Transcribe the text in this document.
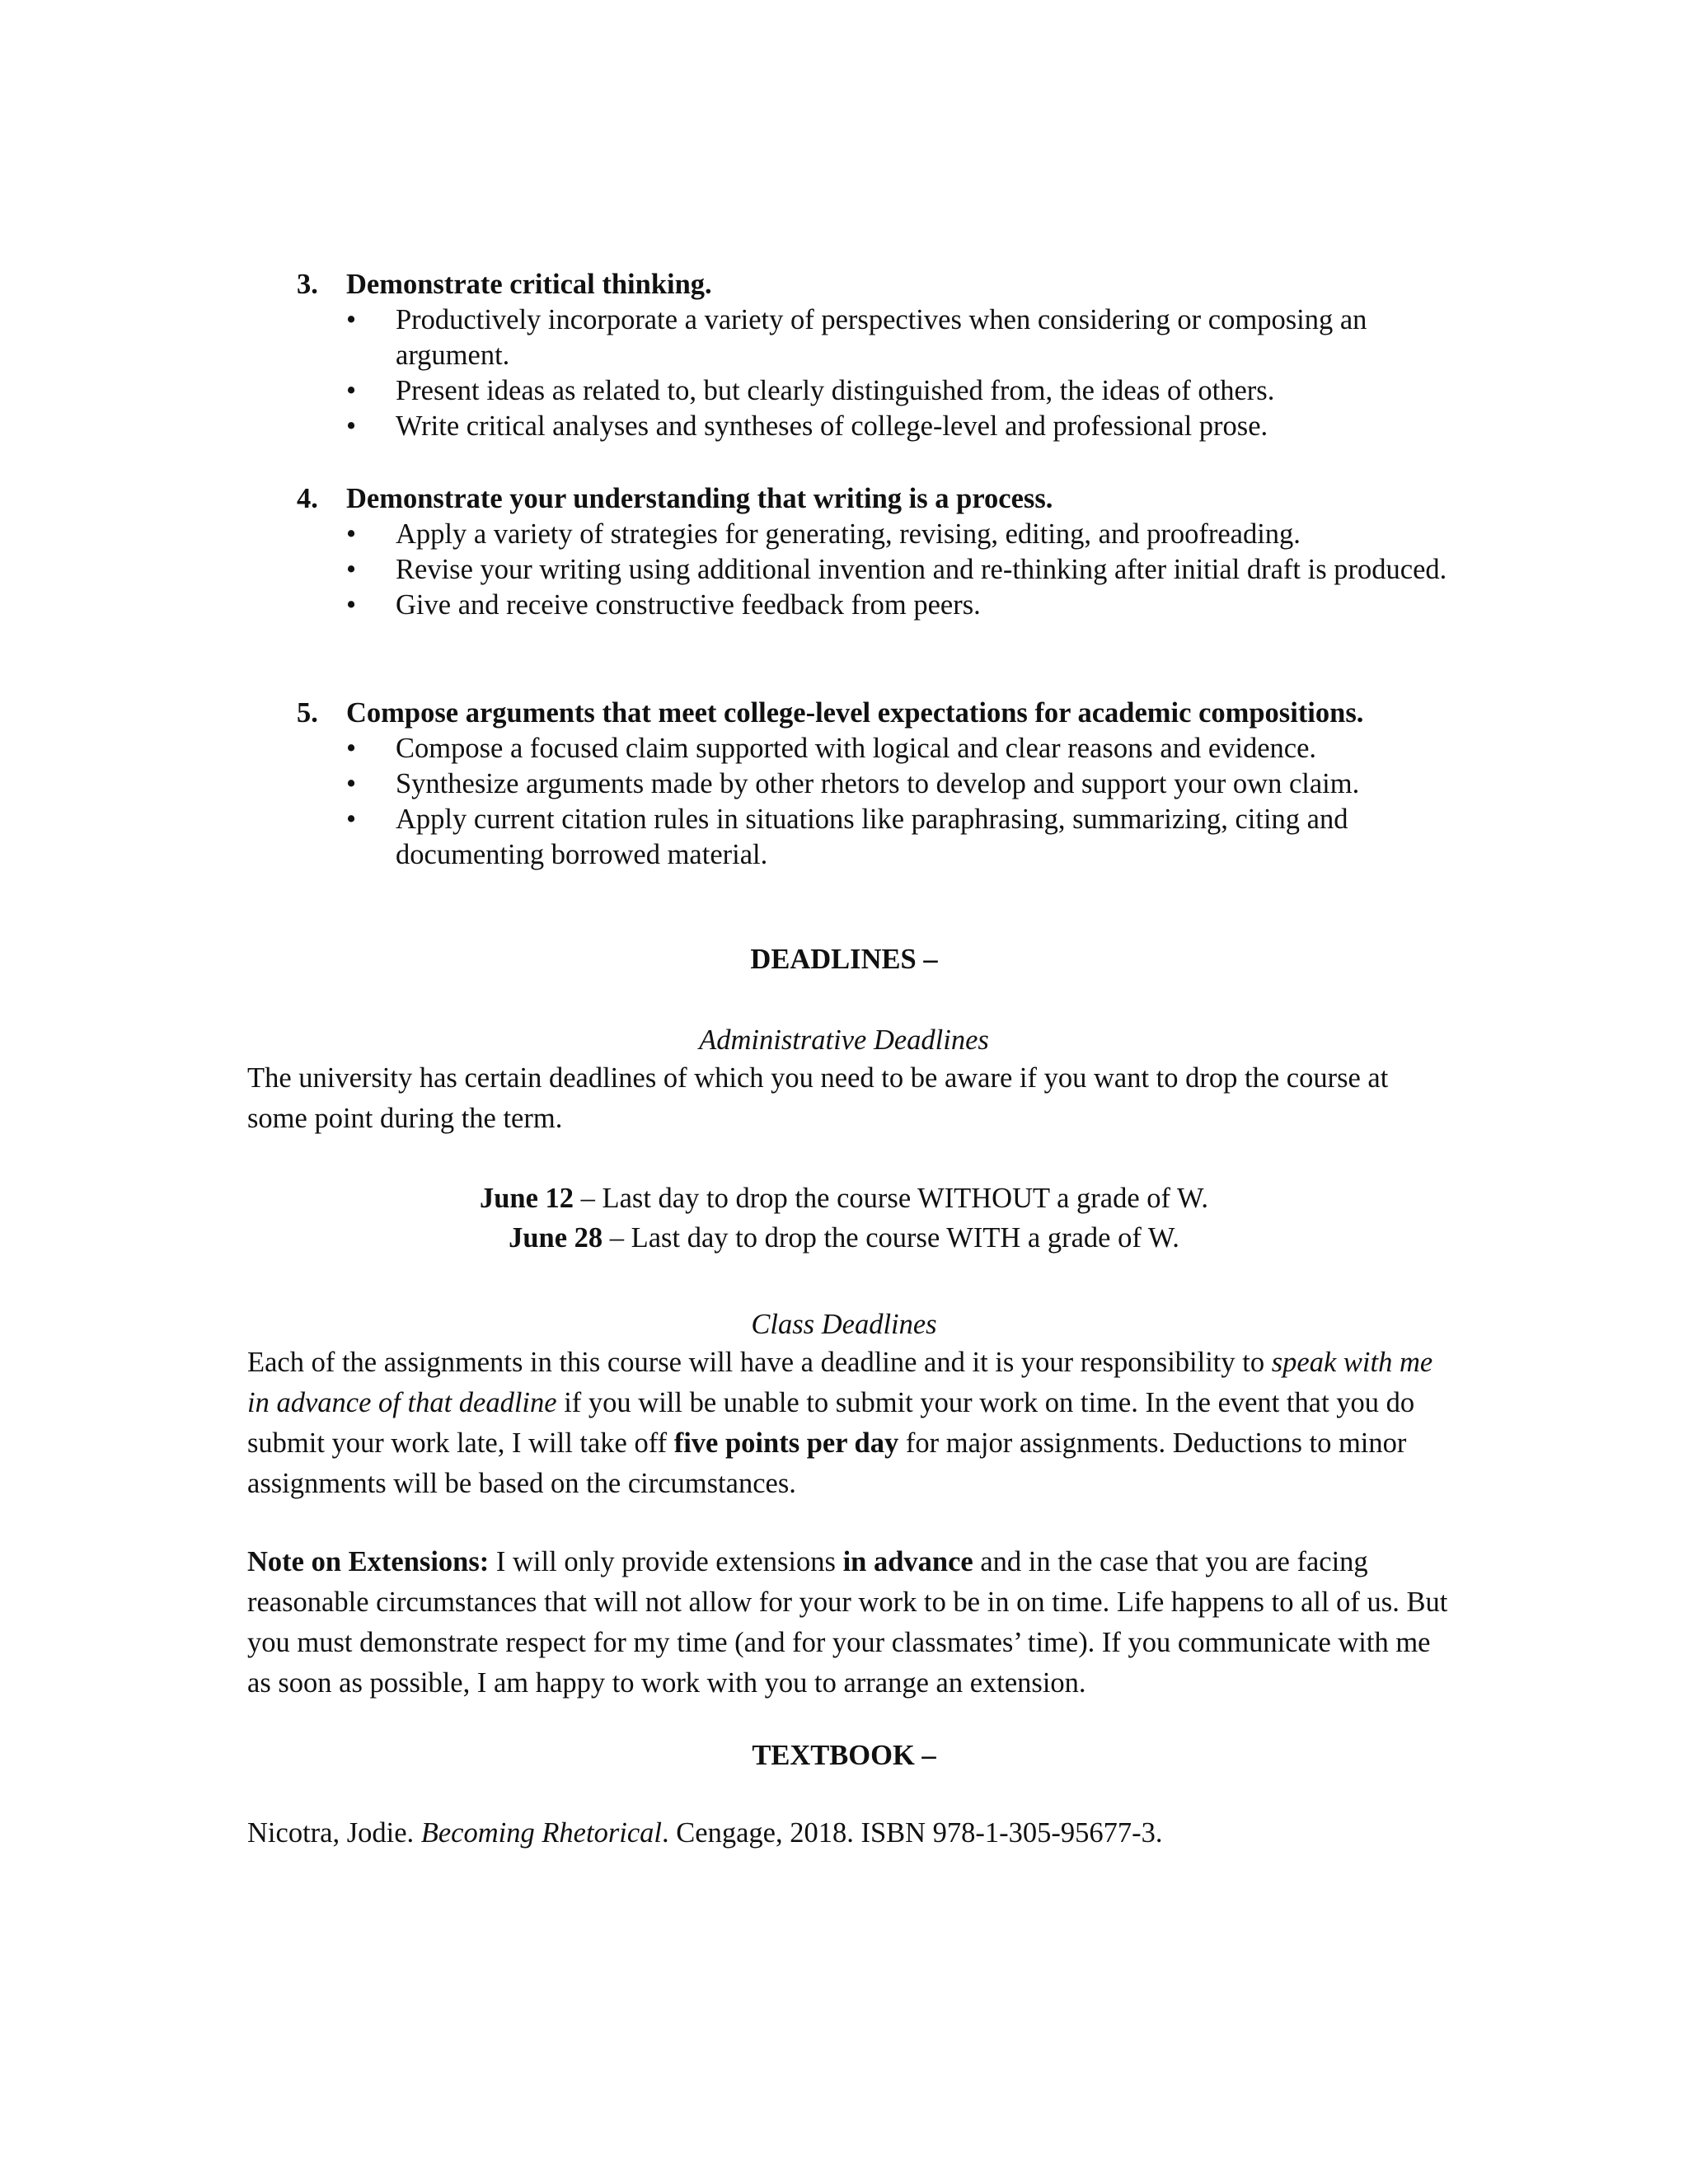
3. Demonstrate critical thinking.
• Productively incorporate a variety of perspectives when considering or composing an argument.
• Present ideas as related to, but clearly distinguished from, the ideas of others.
• Write critical analyses and syntheses of college-level and professional prose.
4. Demonstrate your understanding that writing is a process.
• Apply a variety of strategies for generating, revising, editing, and proofreading.
• Revise your writing using additional invention and re-thinking after initial draft is produced.
• Give and receive constructive feedback from peers.
5. Compose arguments that meet college-level expectations for academic compositions.
• Compose a focused claim supported with logical and clear reasons and evidence.
• Synthesize arguments made by other rhetors to develop and support your own claim.
• Apply current citation rules in situations like paraphrasing, summarizing, citing and documenting borrowed material.
DEADLINES –
Administrative Deadlines
The university has certain deadlines of which you need to be aware if you want to drop the course at some point during the term.
June 12 – Last day to drop the course WITHOUT a grade of W.
June 28 – Last day to drop the course WITH a grade of W.
Class Deadlines
Each of the assignments in this course will have a deadline and it is your responsibility to speak with me in advance of that deadline if you will be unable to submit your work on time. In the event that you do submit your work late, I will take off five points per day for major assignments. Deductions to minor assignments will be based on the circumstances.
Note on Extensions: I will only provide extensions in advance and in the case that you are facing reasonable circumstances that will not allow for your work to be in on time. Life happens to all of us. But you must demonstrate respect for my time (and for your classmates’ time). If you communicate with me as soon as possible, I am happy to work with you to arrange an extension.
TEXTBOOK –
Nicotra, Jodie. Becoming Rhetorical. Cengage, 2018. ISBN 978-1-305-95677-3.
